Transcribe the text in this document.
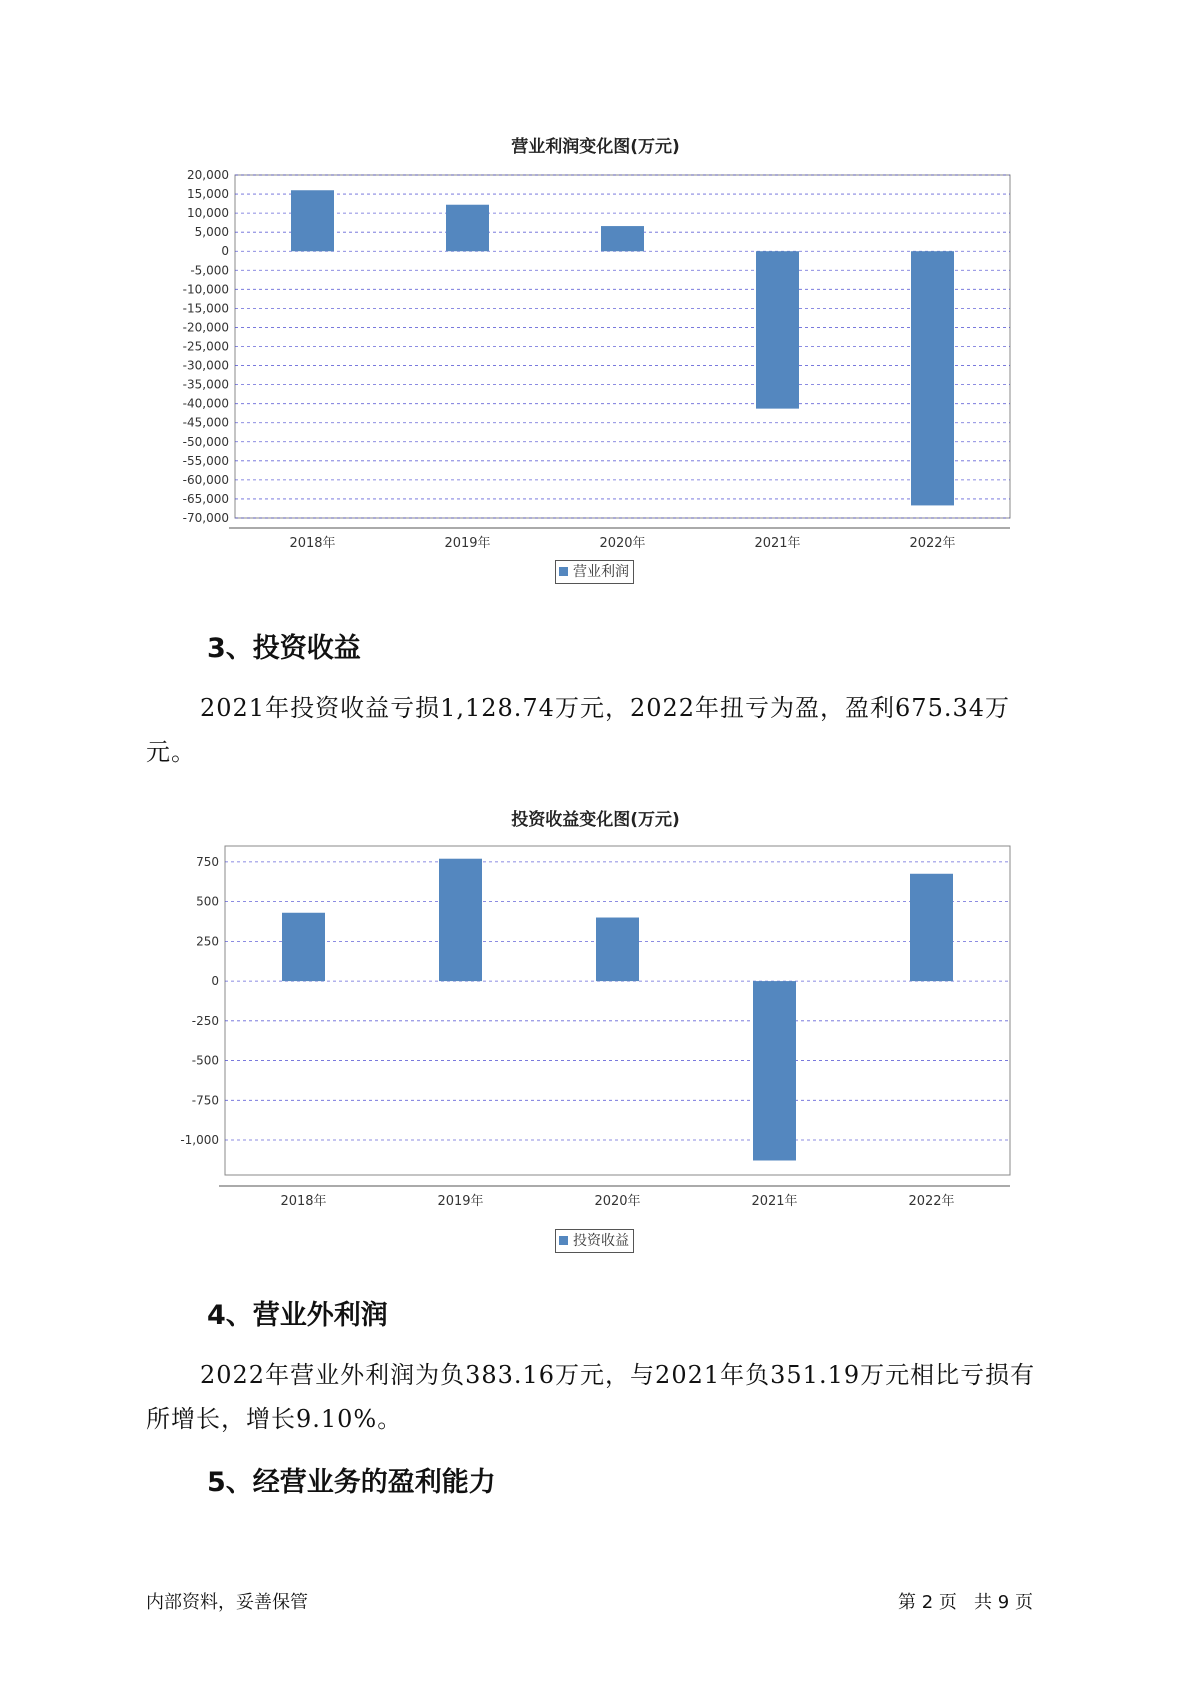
营业利润变化图(万元)
20,000
15,000
10,000
5,000
0
-5,000
-10,000
-15,000
-20,000
-25,000
-30,000
-35,000
-40,000
-45,000
-50,000
-55,000
-60,000
-65,000
-70,000
2018年	2019年	2020年	2021年	2022年
营业利润
3、投资收益
2021年投资收益亏损1,128.74万元，2022年扭亏为盈，盈利675.34万元。
投资收益变化图(万元)
750
500
250
0
-250
-500
-750
-1,000
2018年	2019年	2020年	2021年	2022年
投资收益
4、营业外利润
2022年营业外利润为负383.16万元，与2021年负351.19万元相比亏损有所增长，增长9.10%。
5、经营业务的盈利能力
内部资料，妥善保管	第 2 页   共 9 页
